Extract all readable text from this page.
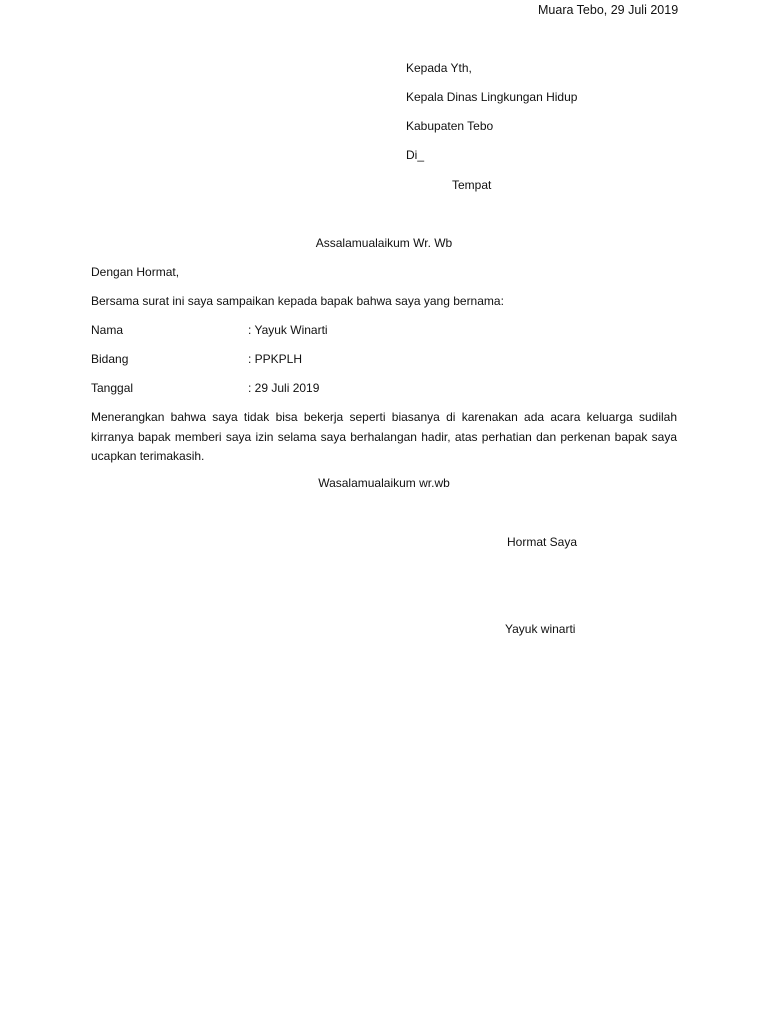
Muara Tebo, 29 Juli 2019
Kepada Yth,
Kepala Dinas Lingkungan Hidup
Kabupaten Tebo
Di_
Tempat
Assalamualaikum Wr. Wb
Dengan Hormat,
Bersama surat ini saya sampaikan kepada bapak bahwa saya yang bernama:
Nama	: Yayuk Winarti
Bidang	: PPKPLH
Tanggal	: 29 Juli 2019
Menerangkan bahwa saya tidak bisa bekerja seperti biasanya di karenakan ada acara keluarga sudilah kirranya bapak memberi saya izin selama saya berhalangan hadir, atas perhatian dan perkenan bapak saya ucapkan terimakasih.
Wasalamualaikum wr.wb
Hormat Saya
Yayuk winarti
